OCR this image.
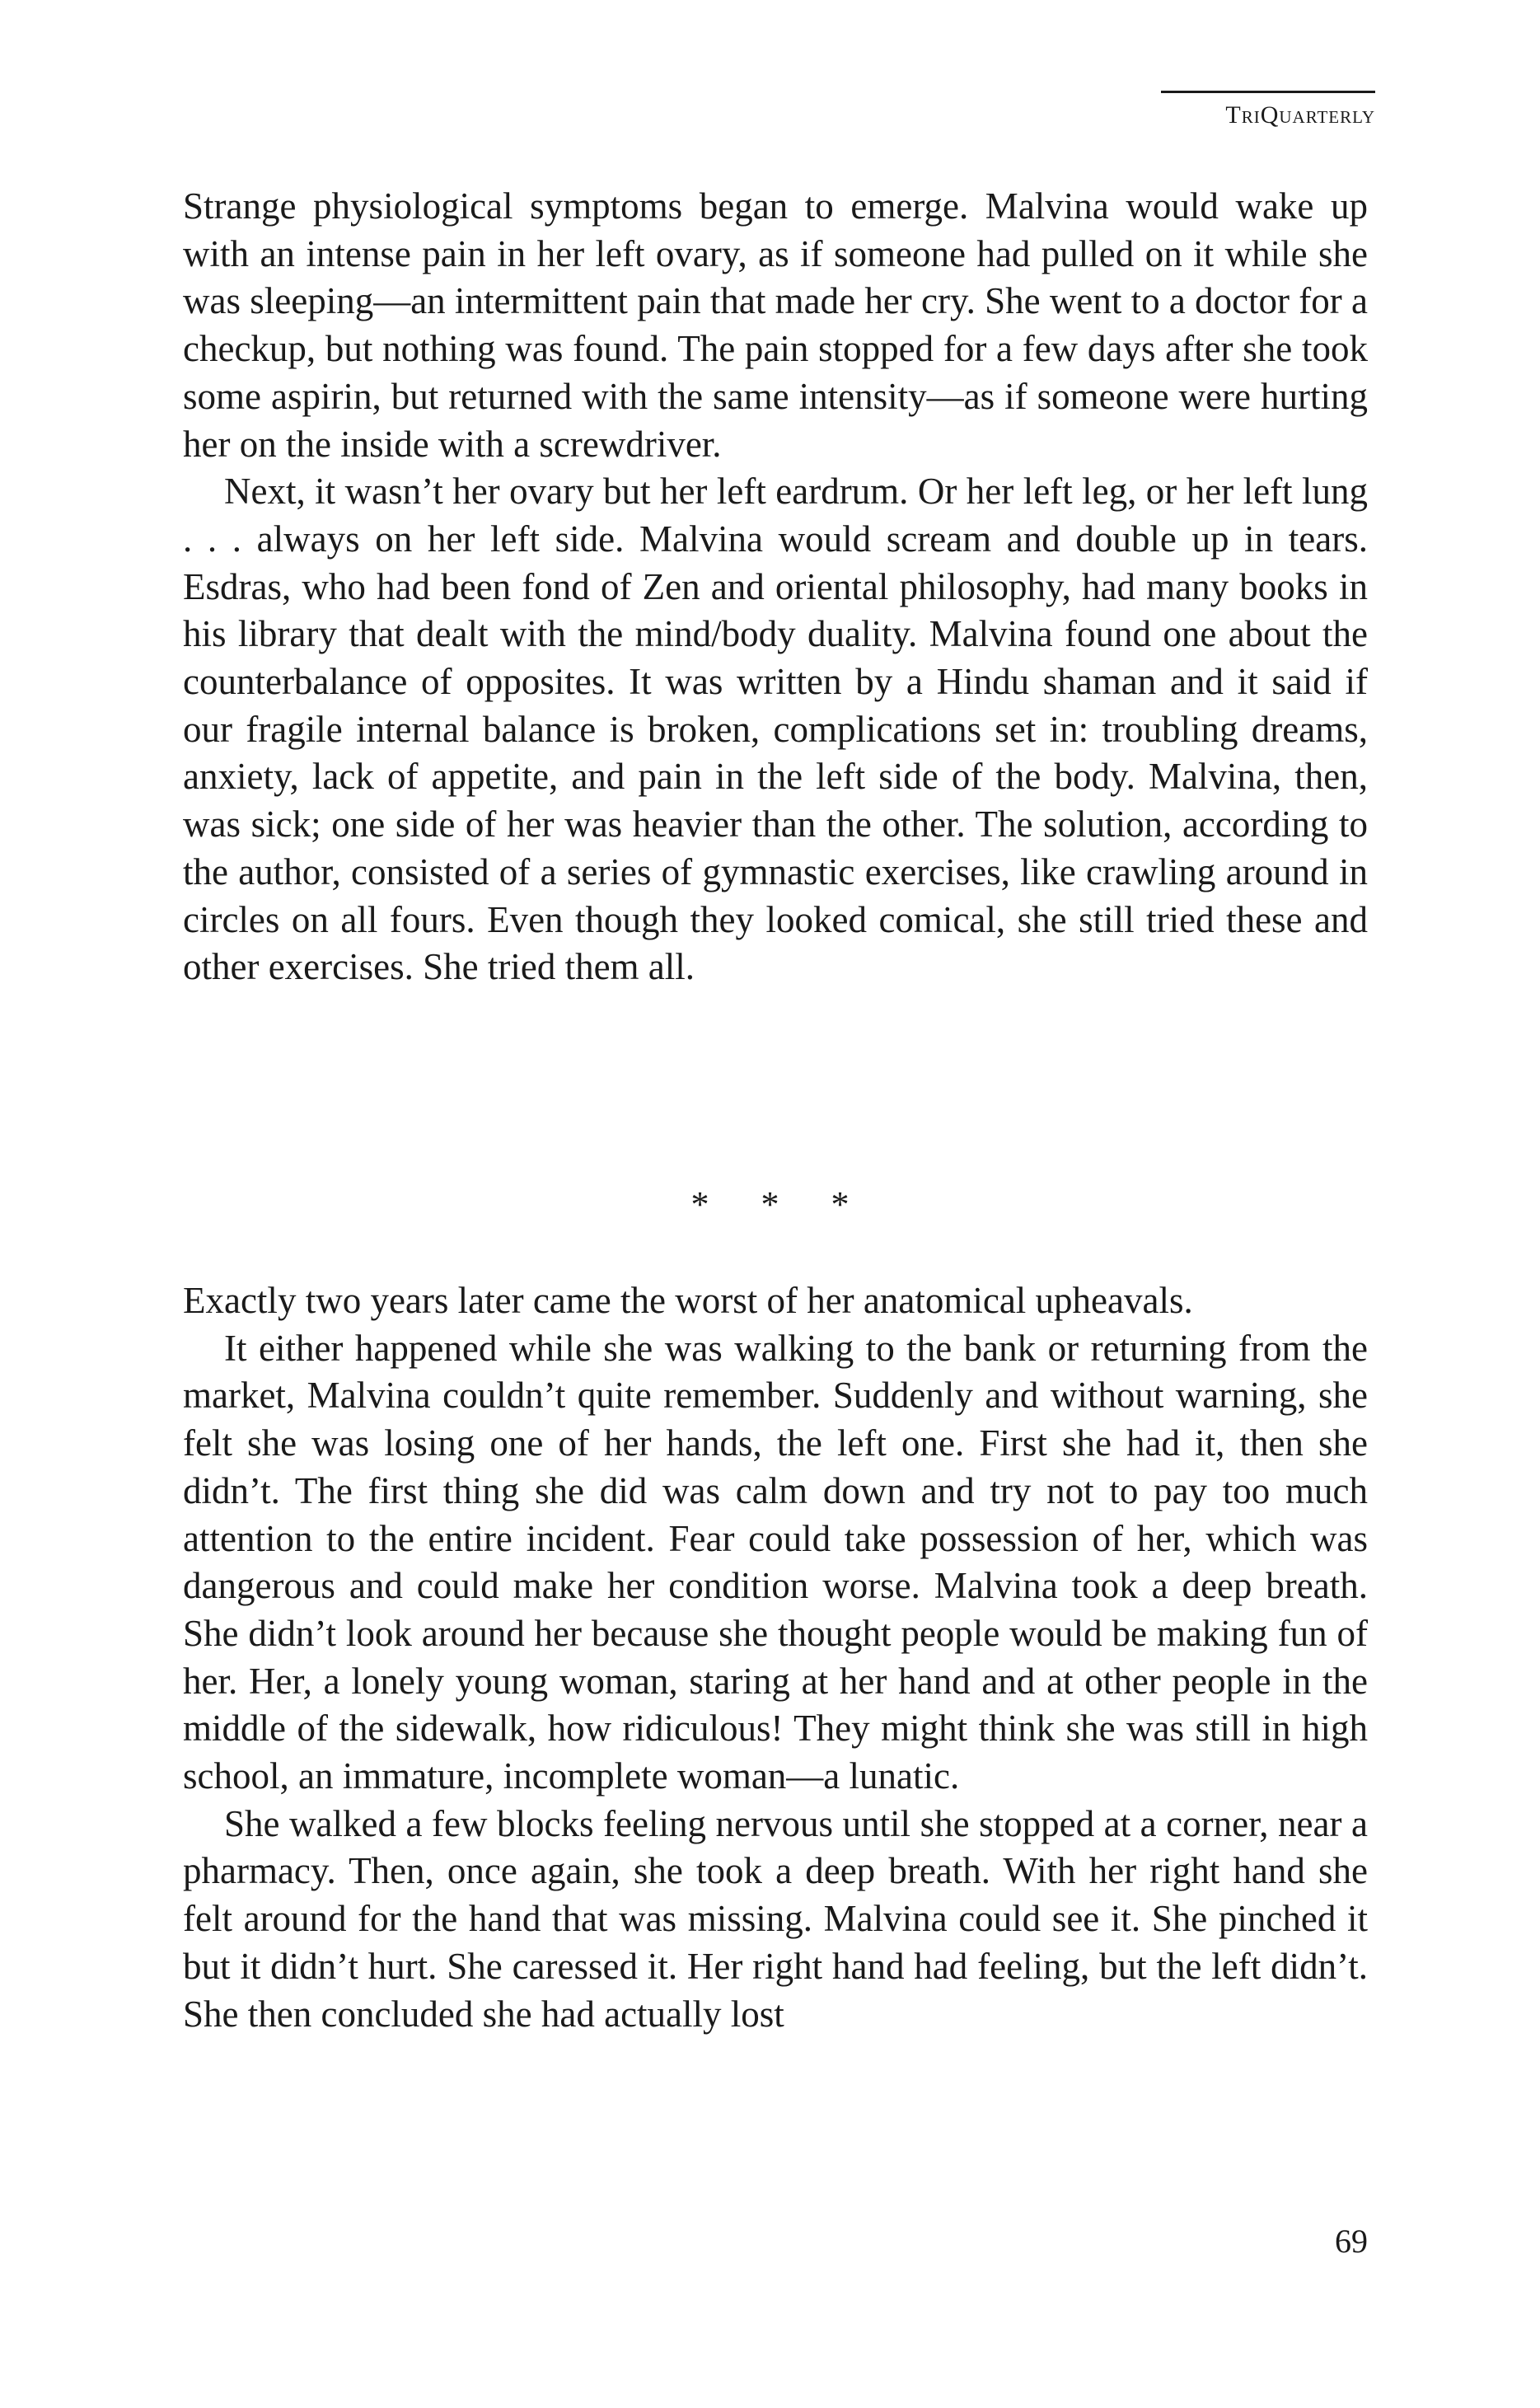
TriQuarterly

Strange physiological symptoms began to emerge. Malvina would wake up with an intense pain in her left ovary, as if someone had pulled on it while she was sleeping—an intermittent pain that made her cry. She went to a doctor for a checkup, but nothing was found. The pain stopped for a few days after she took some aspirin, but returned with the same intensity—as if someone were hurting her on the inside with a screwdriver.

Next, it wasn’t her ovary but her left eardrum. Or her left leg, or her left lung . . . always on her left side. Malvina would scream and double up in tears. Esdras, who had been fond of Zen and oriental philosophy, had many books in his library that dealt with the mind/body duality. Malvina found one about the counterbalance of opposites. It was written by a Hindu shaman and it said if our fragile internal balance is broken, complications set in: troubling dreams, anxiety, lack of appetite, and pain in the left side of the body. Malvina, then, was sick; one side of her was heavier than the other. The solution, according to the author, consisted of a series of gymnastic exercises, like crawling around in circles on all fours. Even though they looked comical, she still tried these and other exercises. She tried them all.

* * *

Exactly two years later came the worst of her anatomical upheavals.

It either happened while she was walking to the bank or returning from the market, Malvina couldn’t quite remember. Suddenly and without warning, she felt she was losing one of her hands, the left one. First she had it, then she didn’t. The first thing she did was calm down and try not to pay too much attention to the entire incident. Fear could take possession of her, which was dangerous and could make her condition worse. Malvina took a deep breath. She didn’t look around her because she thought people would be making fun of her. Her, a lonely young woman, staring at her hand and at other people in the middle of the sidewalk, how ridiculous! They might think she was still in high school, an immature, incomplete woman—a lunatic.

She walked a few blocks feeling nervous until she stopped at a corner, near a pharmacy. Then, once again, she took a deep breath. With her right hand she felt around for the hand that was missing. Malvina could see it. She pinched it but it didn’t hurt. She caressed it. Her right hand had feeling, but the left didn’t. She then concluded she had actually lost

69
